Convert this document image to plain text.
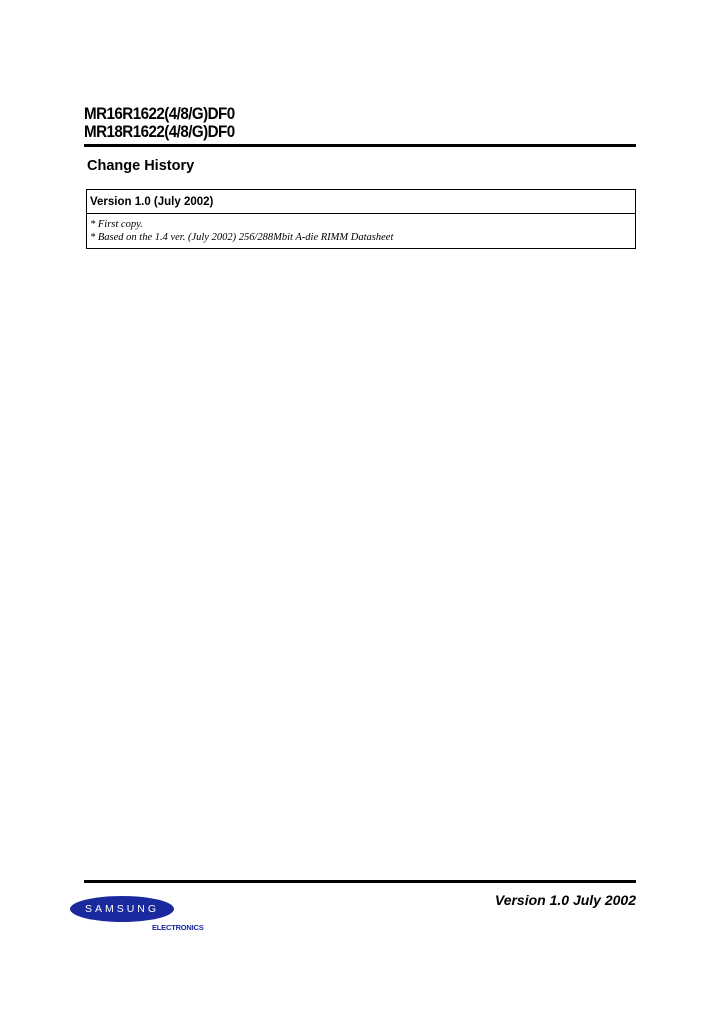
MR16R1622(4/8/G)DF0
MR18R1622(4/8/G)DF0
Change History
Version 1.0 (July 2002)
* First copy.
* Based on the 1.4 ver. (July 2002) 256/288Mbit A-die RIMM Datasheet
SAMSUNG
ELECTRONICS
Version 1.0 July 2002
